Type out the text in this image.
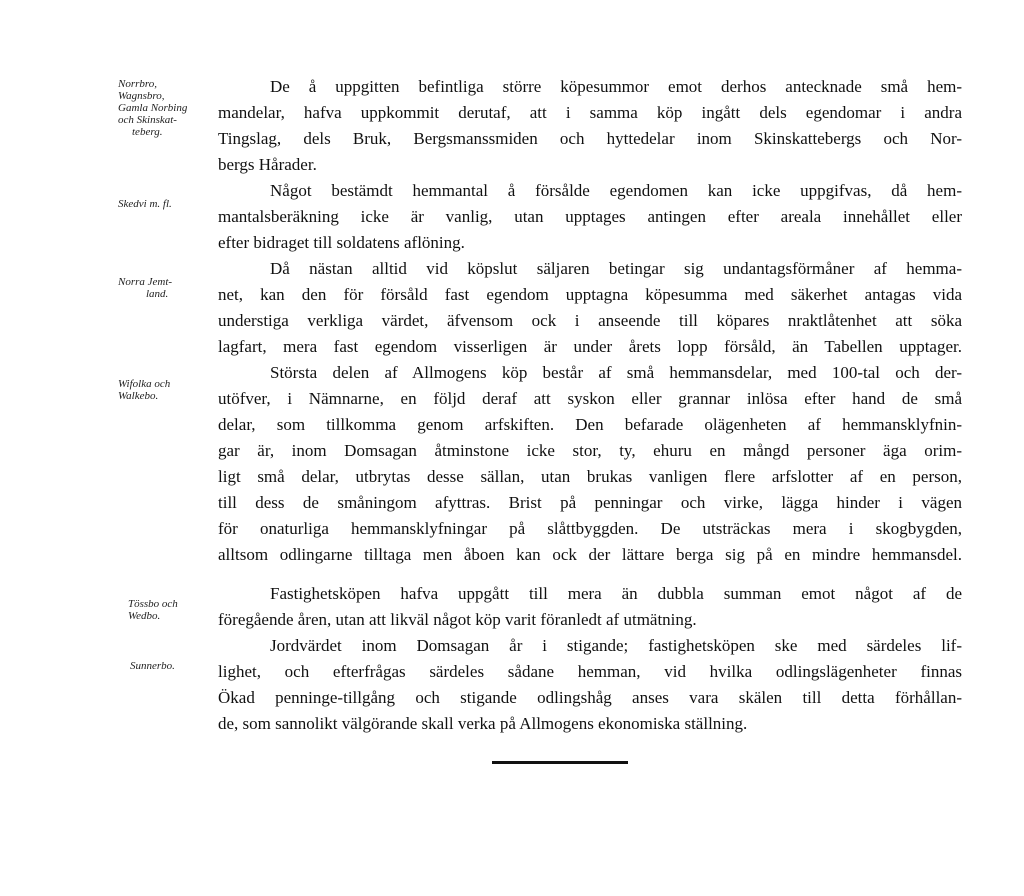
Norrbro,
Wagnsbro,
Gamla Norbing
och Skinskat-
teberg.
Skedvi m. fl.
Norra Jemt-
land.
Wifolka och
Walkebo.
Tössbo och
Wedbo.
Sunnerbo.
De å uppgitten befintliga större köpesummor emot derhos antecknade små hem-
mandelar, hafva uppkommit derutaf, att i samma köp ingått dels egendomar i andra
Tingslag, dels Bruk, Bergsmanssmiden och hyttedelar inom Skinskattebergs och Nor-
bergs Hårader.
Något bestämdt hemmantal å försålde egendomen kan icke uppgifvas, då hem-
mantalsberäkning icke är vanlig, utan upptages antingen efter areala innehållet eller
efter bidraget till soldatens aflöning.
Då nästan alltid vid köpslut säljaren betingar sig undantagsförmåner af hemma-
net, kan den för försåld fast egendom upptagna köpesumma med säkerhet antagas vida
understiga verkliga värdet, äfvensom ock i anseende till köpares nraktlåtenhet att söka
lagfart, mera fast egendom visserligen är under årets lopp försåld, än Tabellen upptager.
Största delen af Allmogens köp består af små hemmansdelar, med 100-tal och der-
utöfver, i Nämnarne, en följd deraf att syskon eller grannar inlösa efter hand de små
delar, som tillkomma genom arfskiften. Den befarade olägenheten af hemmansklyfnin-
gar är, inom Domsagan åtminstone icke stor, ty, ehuru en mångd personer äga orim-
ligt små delar, utbrytas desse sällan, utan brukas vanligen flere arfslotter af en person,
till dess de småningom afyttras. Brist på penningar och virke, lägga hinder i vägen
för onaturliga hemmansklyfningar på slåttbyggden. De utsträckas mera i skogbygden,
alltsom odlingarne tilltaga men åboen kan ock der lättare berga sig på en mindre hemmansdel.
Fastighetsköpen hafva uppgått till mera än dubbla summan emot något af de
föregående åren, utan att likväl något köp varit föranledt af utmätning.
Jordvärdet inom Domsagan år i stigande; fastighetsköpen ske med särdeles lif-
lighet, och efterfrågas särdeles sådane hemman, vid hvilka odlingslägenheter finnas
Ökad penninge-tillgång och stigande odlingshåg anses vara skälen till detta förhållan-
de, som sannolikt välgörande skall verka på Allmogens ekonomiska ställning.
